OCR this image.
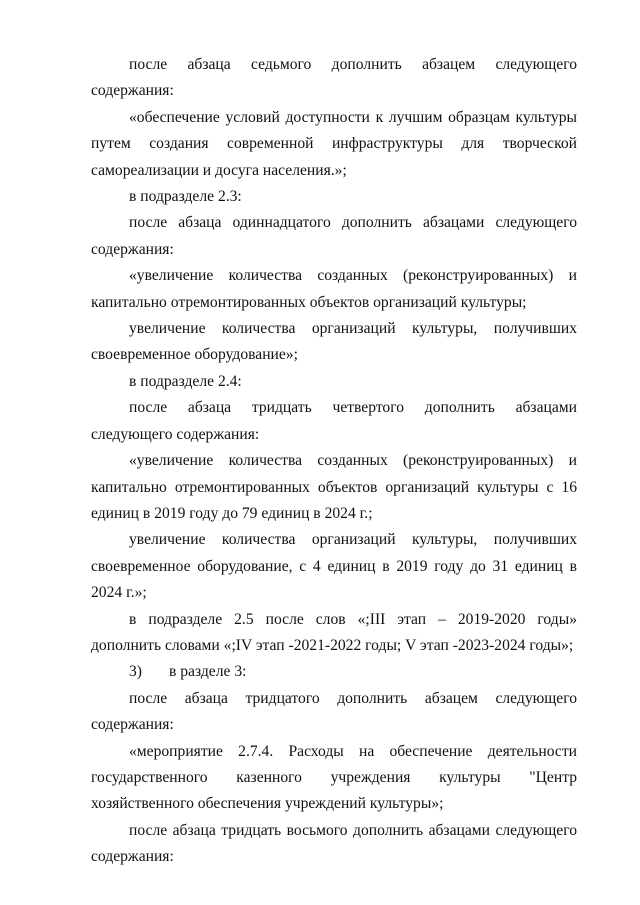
после абзаца седьмого дополнить абзацем следующего содержания:

«обеспечение условий доступности к лучшим образцам культуры путем создания современной инфраструктуры для творческой самореализации и досуга населения.»;

в подразделе 2.3:

после абзаца одиннадцатого дополнить абзацами следующего содержания:

«увеличение количества созданных (реконструированных) и капитально отремонтированных объектов организаций культуры;

увеличение количества организаций культуры, получивших своевременное оборудование»;

в подразделе 2.4:

после абзаца тридцать четвертого дополнить абзацами следующего содержания:

«увеличение количества созданных (реконструированных) и капитально отремонтированных объектов организаций культуры с 16 единиц в 2019 году до 79 единиц в 2024 г.;

увеличение количества организаций культуры, получивших своевременное оборудование, с 4 единиц в 2019 году до 31 единиц в 2024 г.»;

в подразделе 2.5 после слов «;III этап – 2019-2020 годы» дополнить словами «;IV этап -2021-2022 годы; V этап -2023-2024 годы»;

3) в разделе 3:

после абзаца тридцатого дополнить абзацем следующего содержания:

«мероприятие 2.7.4. Расходы на обеспечение деятельности государственного казенного учреждения культуры "Центр хозяйственного обеспечения учреждений культуры»;

после абзаца тридцать восьмого дополнить абзацами следующего содержания:
